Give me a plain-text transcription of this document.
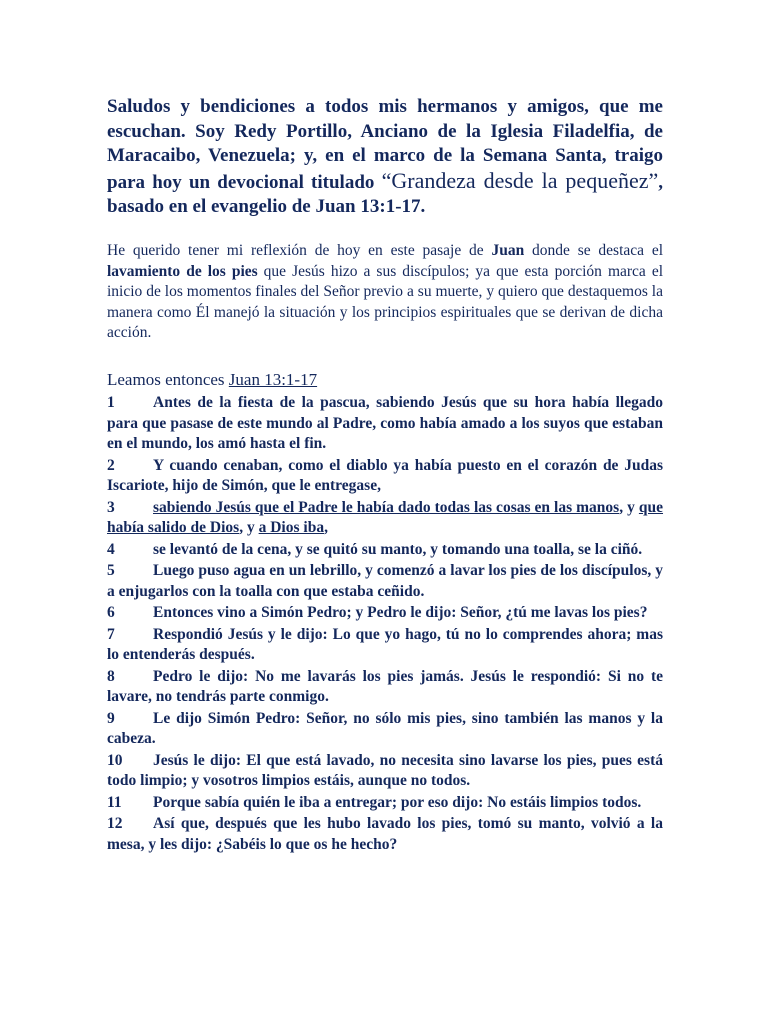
Saludos y bendiciones a todos mis hermanos y amigos, que me escuchan. Soy Redy Portillo, Anciano de la Iglesia Filadelfia, de Maracaibo, Venezuela; y, en el marco de la Semana Santa, traigo para hoy un devocional titulado “Grandeza desde la pequeñez”, basado en el evangelio de Juan 13:1-17.

He querido tener mi reflexión de hoy en este pasaje de Juan donde se destaca el lavamiento de los pies que Jesús hizo a sus discípulos; ya que esta porción marca el inicio de los momentos finales del Señor previo a su muerte, y quiero que destaquemos la manera como Él manejó la situación y los principios espirituales que se derivan de dicha acción.

Leamos entonces Juan 13:1-17

1 Antes de la fiesta de la pascua, sabiendo Jesús que su hora había llegado para que pasase de este mundo al Padre, como había amado a los suyos que estaban en el mundo, los amó hasta el fin.

2 Y cuando cenaban, como el diablo ya había puesto en el corazón de Judas Iscariote, hijo de Simón, que le entregase,

3 sabiendo Jesús que el Padre le había dado todas las cosas en las manos, y que había salido de Dios, y a Dios iba,

4 se levantó de la cena, y se quitó su manto, y tomando una toalla, se la ciñó.

5 Luego puso agua en un lebrillo, y comenzó a lavar los pies de los discípulos, y a enjugarlos con la toalla con que estaba ceñido.

6 Entonces vino a Simón Pedro; y Pedro le dijo: Señor, ¿tú me lavas los pies?

7 Respondió Jesús y le dijo: Lo que yo hago, tú no lo comprendes ahora; mas lo entenderás después.

8 Pedro le dijo: No me lavarás los pies jamás. Jesús le respondió: Si no te lavare, no tendrás parte conmigo.

9 Le dijo Simón Pedro: Señor, no sólo mis pies, sino también las manos y la cabeza.

10 Jesús le dijo: El que está lavado, no necesita sino lavarse los pies, pues está todo limpio; y vosotros limpios estáis, aunque no todos.

11 Porque sabía quién le iba a entregar; por eso dijo: No estáis limpios todos.

12 Así que, después que les hubo lavado los pies, tomó su manto, volvió a la mesa, y les dijo: ¿Sabéis lo que os he hecho?
